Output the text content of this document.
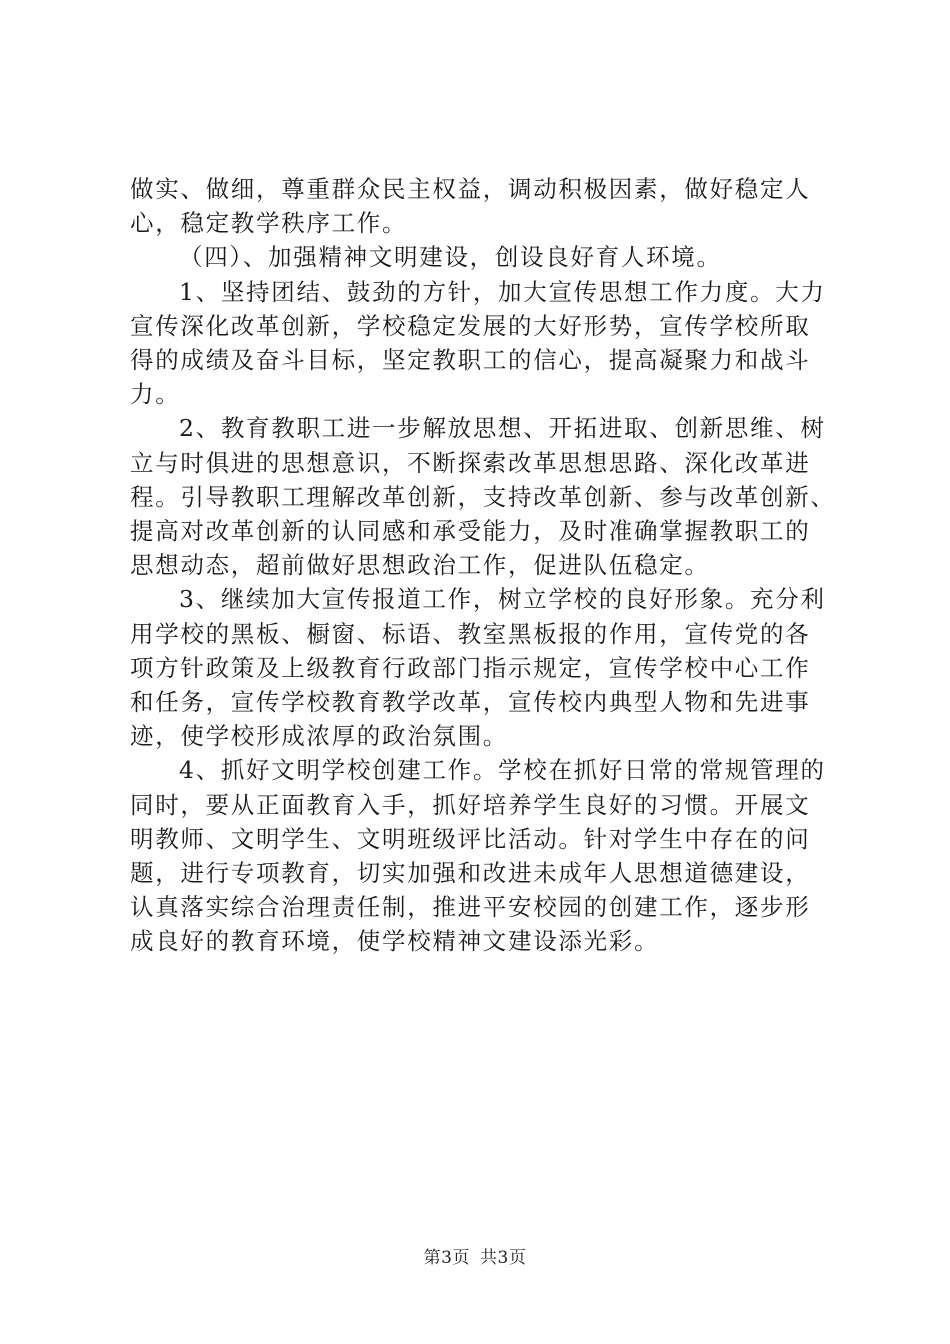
做实、做细，尊重群众民主权益，调动积极因素，做好稳定人
心，稳定教学秩序工作。

（四）、加强精神文明建设，创设良好育人环境。

1、坚持团结、鼓劲的方针，加大宣传思想工作力度。大力
宣传深化改革创新，学校稳定发展的大好形势，宣传学校所取
得的成绩及奋斗目标，坚定教职工的信心，提高凝聚力和战斗
力。

2、教育教职工进一步解放思想、开拓进取、创新思维、树
立与时俱进的思想意识，不断探索改革思想思路、深化改革进
程。引导教职工理解改革创新，支持改革创新、参与改革创新、
提高对改革创新的认同感和承受能力，及时准确掌握教职工的
思想动态，超前做好思想政治工作，促进队伍稳定。

3、继续加大宣传报道工作，树立学校的良好形象。充分利
用学校的黑板、橱窗、标语、教室黑板报的作用，宣传党的各
项方针政策及上级教育行政部门指示规定，宣传学校中心工作
和任务，宣传学校教育教学改革，宣传校内典型人物和先进事
迹，使学校形成浓厚的政治氛围。

4、抓好文明学校创建工作。学校在抓好日常的常规管理的
同时，要从正面教育入手，抓好培养学生良好的习惯。开展文
明教师、文明学生、文明班级评比活动。针对学生中存在的问
题，进行专项教育，切实加强和改进未成年人思想道德建设，
认真落实综合治理责任制，推进平安校园的创建工作，逐步形
成良好的教育环境，使学校精神文建设添光彩。

第3页 共3页
